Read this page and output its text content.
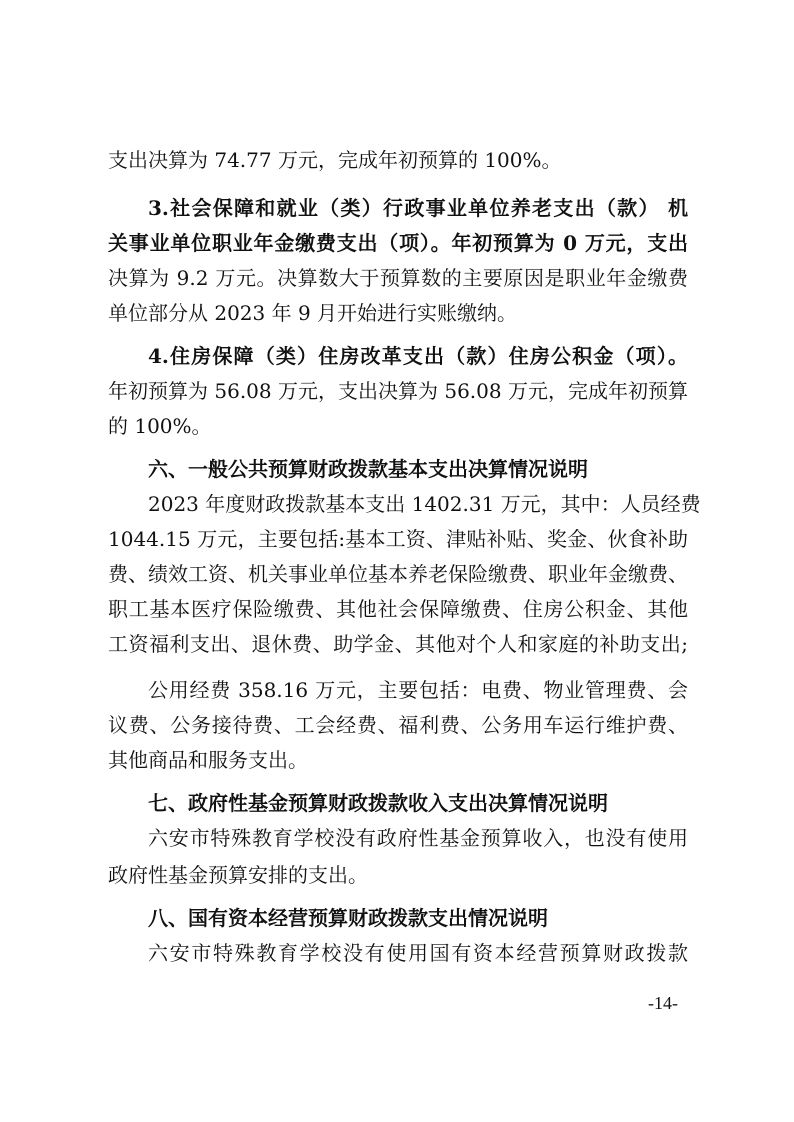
支出决算为 74.77 万元，完成年初预算的 100%。
3.社会保障和就业（类）行政事业单位养老支出（款） 机
关事业单位职业年金缴费支出（项）。年初预算为 0 万元，支出
决算为 9.2 万元。决算数大于预算数的主要原因是职业年金缴费
单位部分从 2023 年 9 月开始进行实账缴纳。
4.住房保障（类）住房改革支出（款）住房公积金（项）。
年初预算为 56.08 万元，支出决算为 56.08 万元，完成年初预算
的 100%。
六、一般公共预算财政拨款基本支出决算情况说明
2023 年度财政拨款基本支出 1402.31 万元，其中：人员经费
1044.15 万元，主要包括:基本工资、津贴补贴、奖金、伙食补助
费、绩效工资、机关事业单位基本养老保险缴费、职业年金缴费、
职工基本医疗保险缴费、其他社会保障缴费、住房公积金、其他
工资福利支出、退休费、助学金、其他对个人和家庭的补助支出;
公用经费 358.16 万元，主要包括：电费、物业管理费、会
议费、公务接待费、工会经费、福利费、公务用车运行维护费、
其他商品和服务支出。
七、政府性基金预算财政拨款收入支出决算情况说明
六安市特殊教育学校没有政府性基金预算收入，也没有使用
政府性基金预算安排的支出。
八、国有资本经营预算财政拨款支出情况说明
六安市特殊教育学校没有使用国有资本经营预算财政拨款
-14-
